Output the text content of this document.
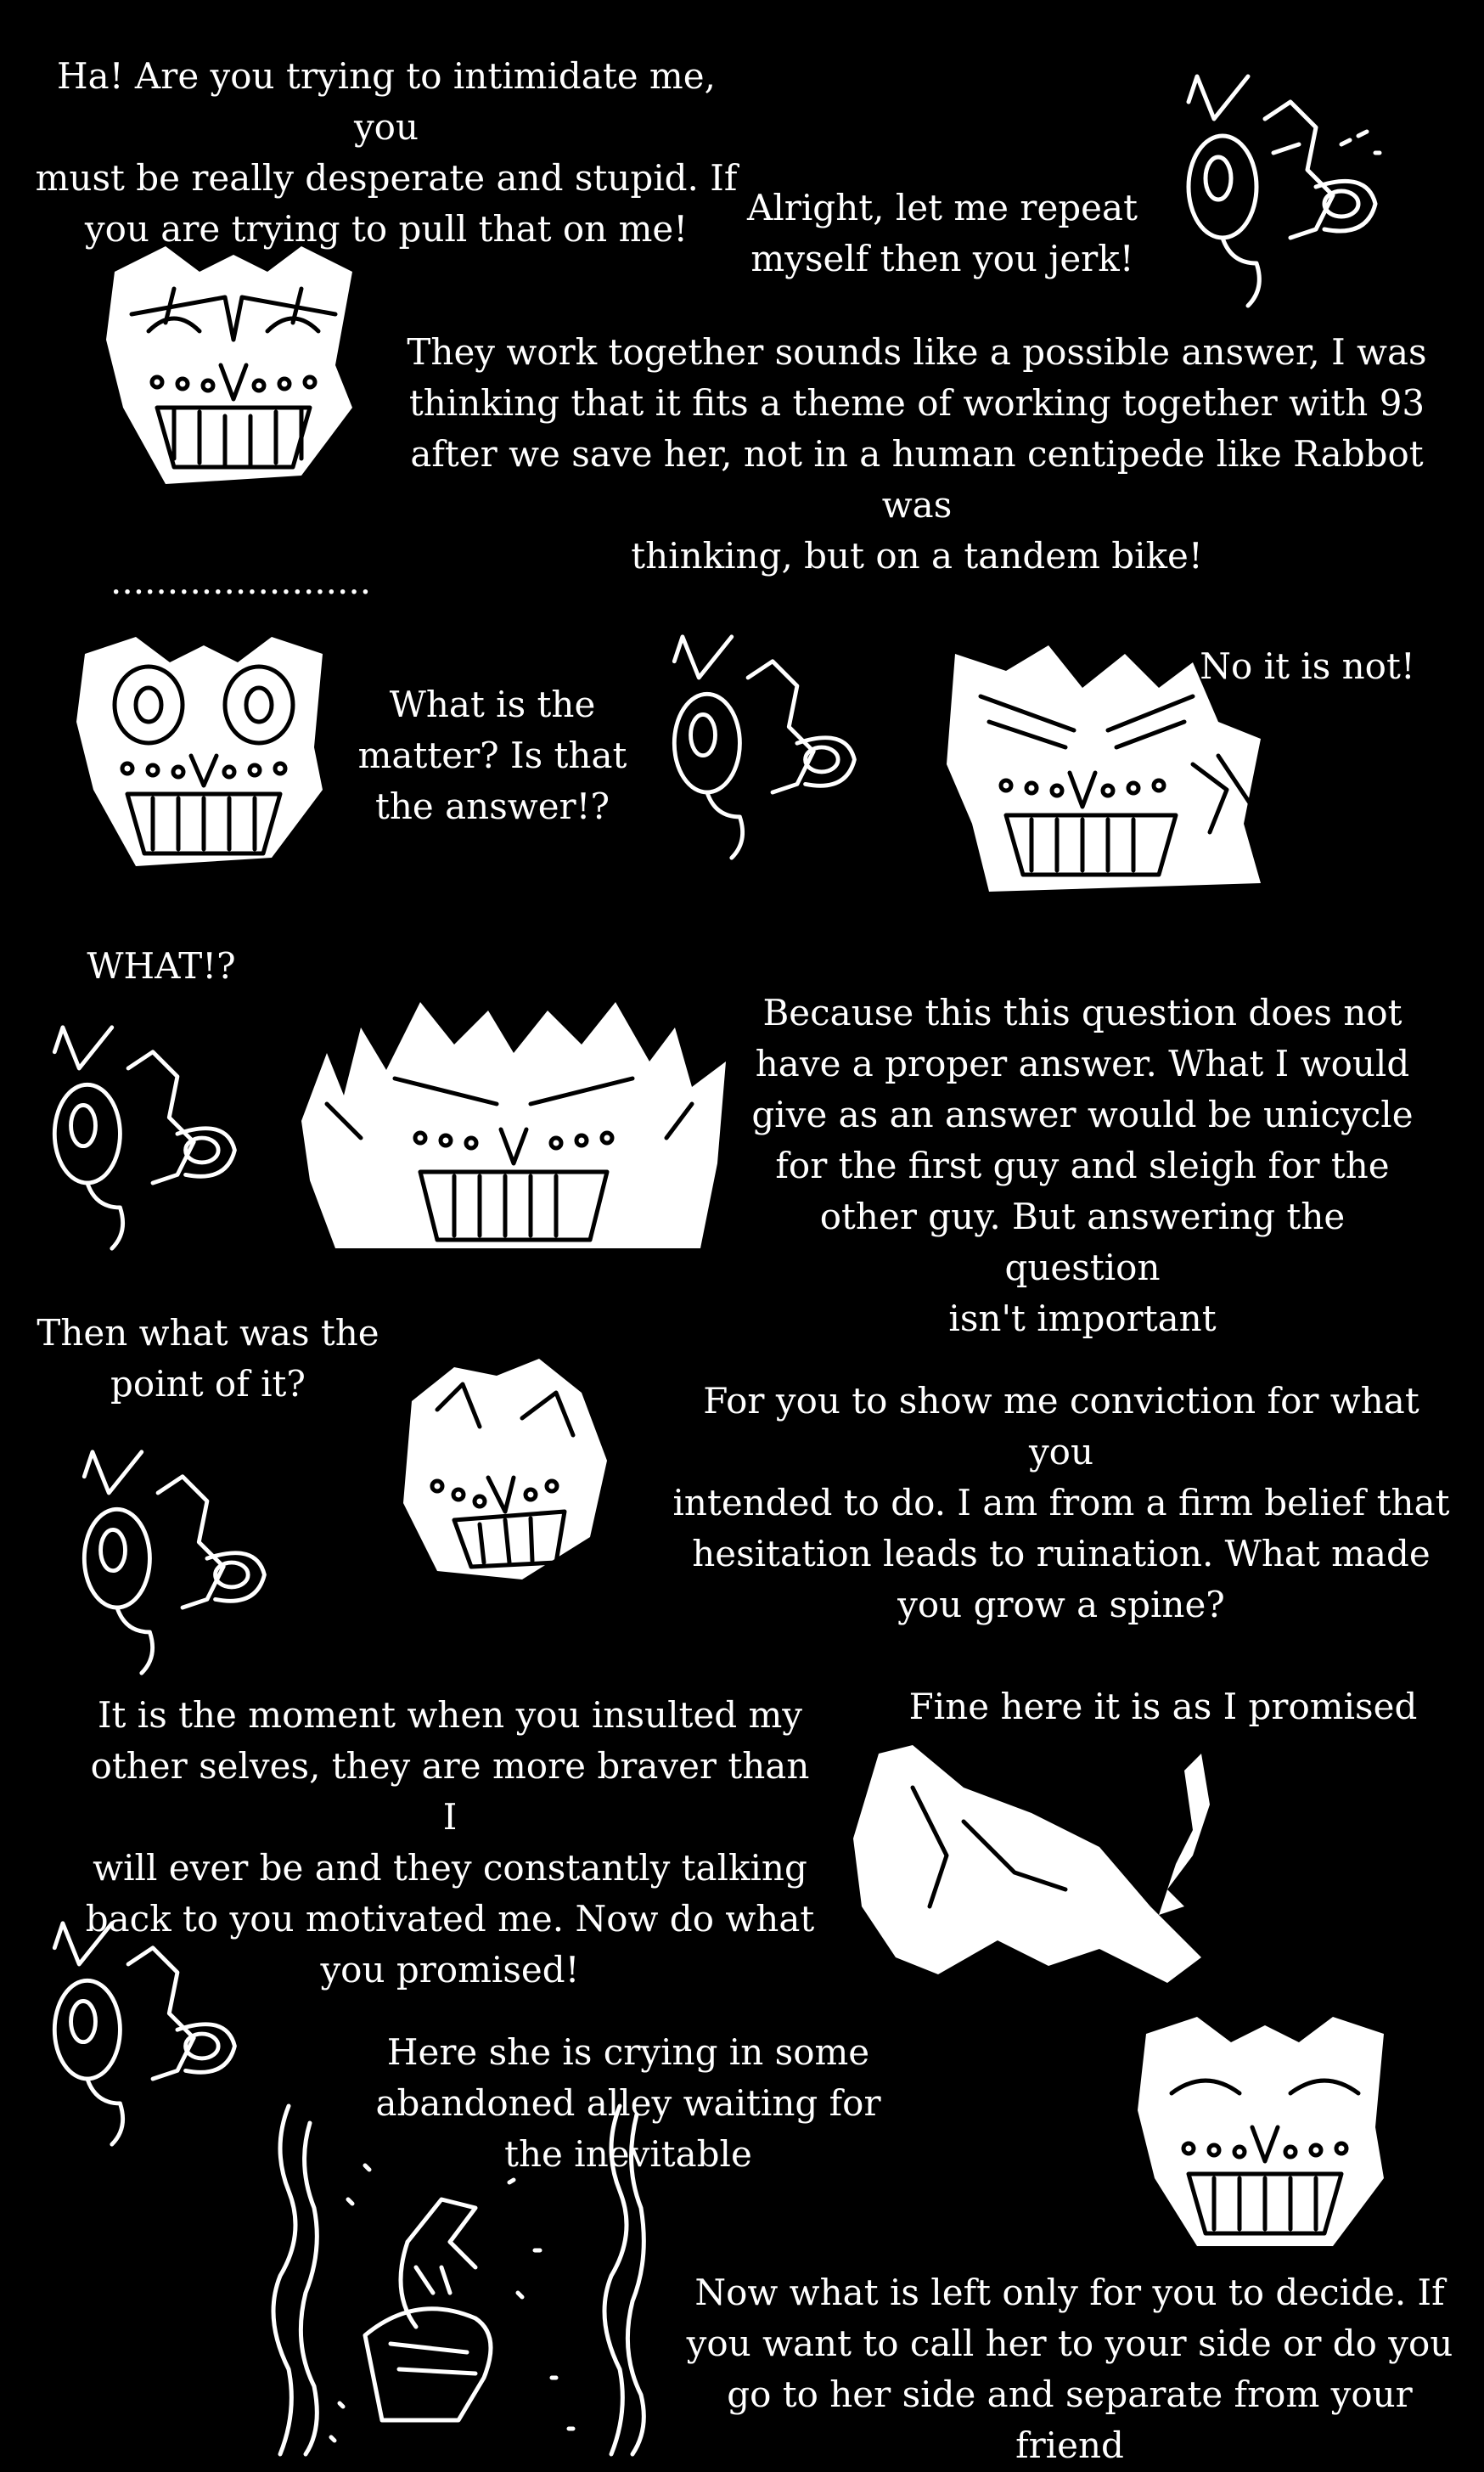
Ha! Are you trying to intimidate me, you
must be really desperate and stupid. If
you are trying to pull that on me!
Alright, let me repeat
myself then you jerk!
They work together sounds like a possible answer, I was
thinking that it fits a theme of working together with 93
after we save her, not in a human centipede like Rabbot was
thinking, but on a tandem bike!
.......................
What is the
matter? Is that
the answer!?
No it is not!
WHAT!?
Because this this question does not
have a proper answer. What I would
give as an answer would be unicycle
for the first guy and sleigh for the
other guy. But answering the question
isn't important
Then what was the
point of it?	For you to show me conviction for what you
intended to do. I am from a firm belief that
hesitation leads to ruination. What made
you grow a spine?
It is the moment when you insulted my
other selves, they are more braver than I
will ever be and they constantly talking
back to you motivated me. Now do what
you promised!
Fine here it is as I promised
Here she is crying in some
abandoned alley waiting for
the inevitable
Now what is left only for you to decide. If
you want to call her to your side or do you
go to her side and separate from your friend
